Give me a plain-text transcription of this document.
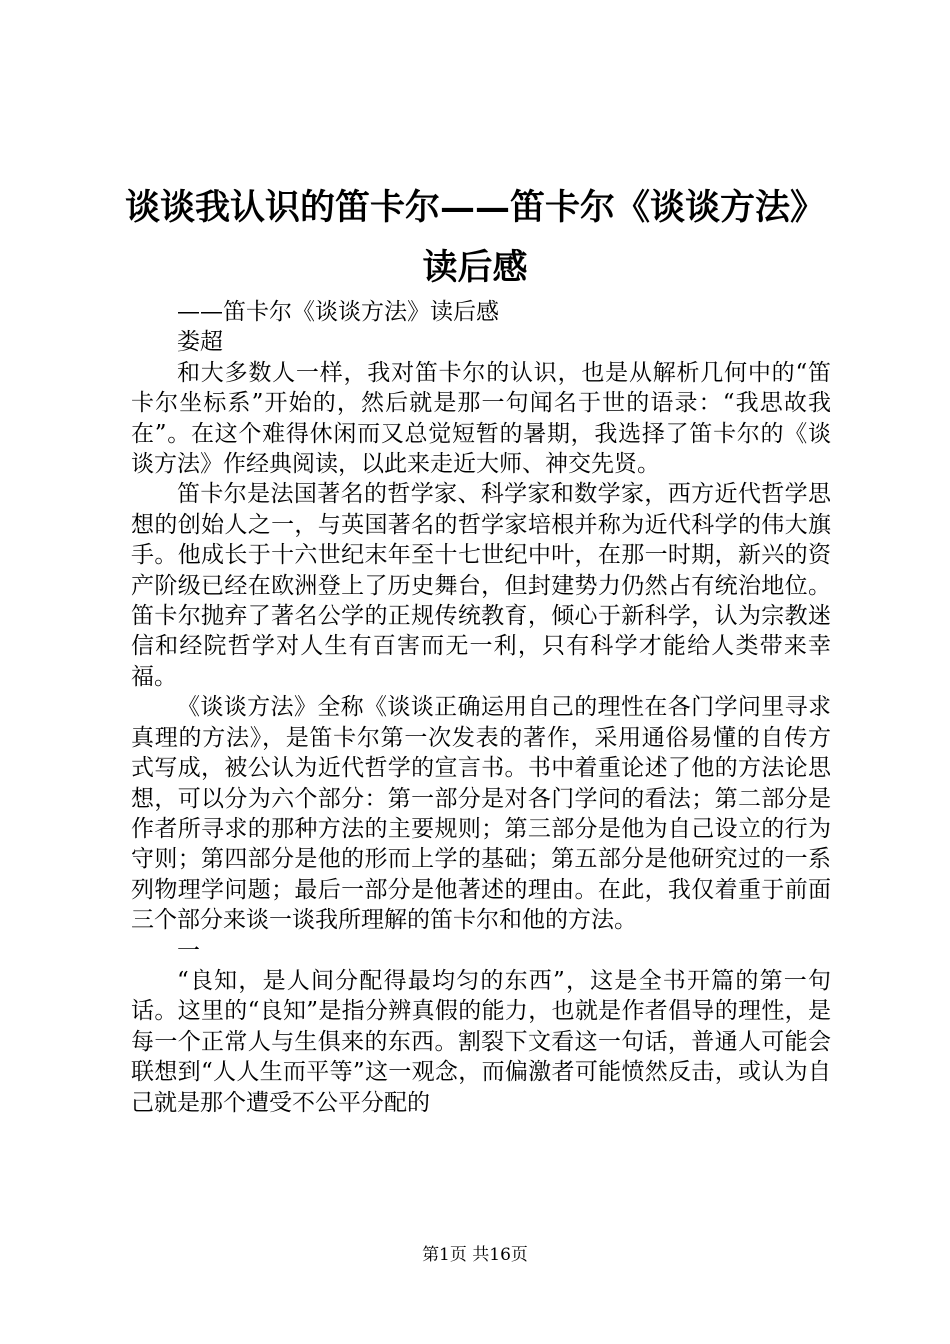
谈谈我认识的笛卡尔——笛卡尔《谈谈方法》
读后感

——笛卡尔《谈谈方法》读后感

娄超

和大多数人一样，我对笛卡尔的认识，也是从解析几何中的“笛卡尔坐标系”开始的，然后就是那一句闻名于世的语录：“我思故我在”。在这个难得休闲而又总觉短暂的暑期，我选择了笛卡尔的《谈谈方法》作经典阅读，以此来走近大师、神交先贤。

笛卡尔是法国著名的哲学家、科学家和数学家，西方近代哲学思想的创始人之一，与英国著名的哲学家培根并称为近代科学的伟大旗手。他成长于十六世纪末年至十七世纪中叶，在那一时期，新兴的资产阶级已经在欧洲登上了历史舞台，但封建势力仍然占有统治地位。笛卡尔抛弃了著名公学的正规传统教育，倾心于新科学，认为宗教迷信和经院哲学对人生有百害而无一利，只有科学才能给人类带来幸福。

《谈谈方法》全称《谈谈正确运用自己的理性在各门学问里寻求真理的方法》，是笛卡尔第一次发表的著作，采用通俗易懂的自传方式写成，被公认为近代哲学的宣言书。书中着重论述了他的方法论思想，可以分为六个部分：第一部分是对各门学问的看法；第二部分是作者所寻求的那种方法的主要规则；第三部分是他为自己设立的行为守则；第四部分是他的形而上学的基础；第五部分是他研究过的一系列物理学问题；最后一部分是他著述的理由。在此，我仅着重于前面三个部分来谈一谈我所理解的笛卡尔和他的方法。

一

“良知，是人间分配得最均匀的东西”，这是全书开篇的第一句话。这里的“良知”是指分辨真假的能力，也就是作者倡导的理性，是每一个正常人与生俱来的东西。割裂下文看这一句话，普通人可能会联想到“人人生而平等”这一观念，而偏激者可能愤然反击，或认为自己就是那个遭受不公平分配的

第1页 共16页
